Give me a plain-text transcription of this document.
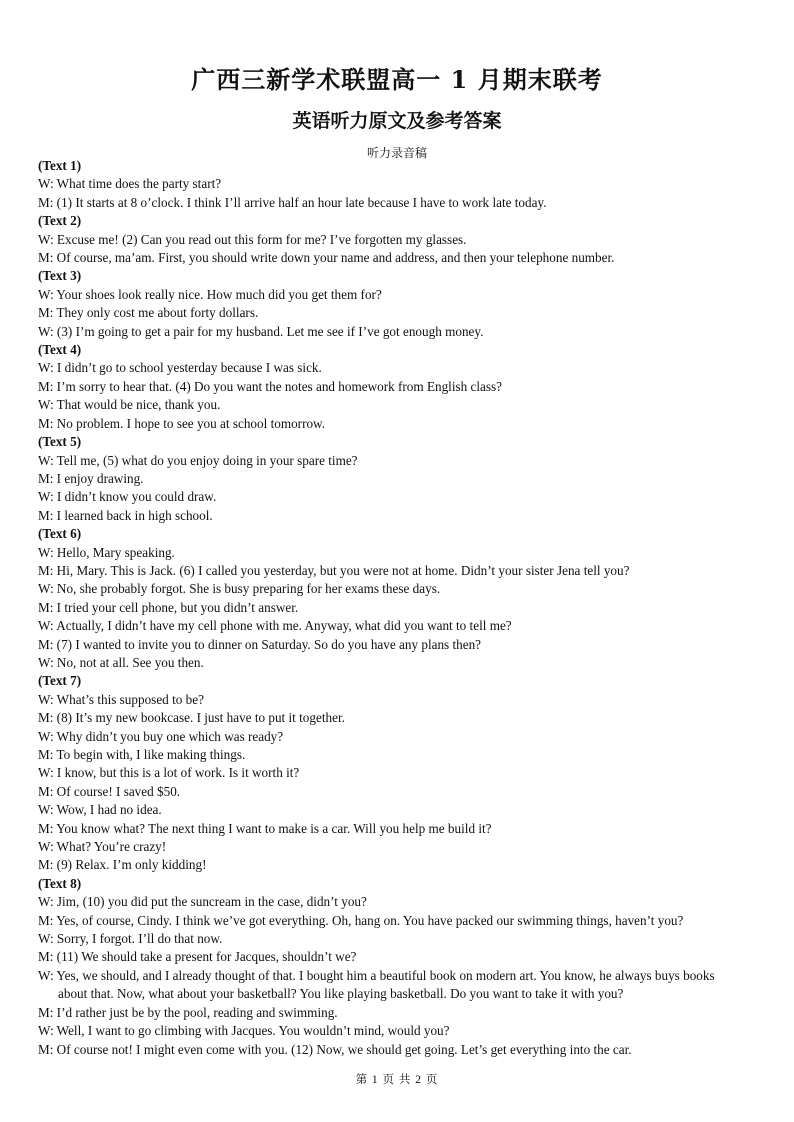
广西三新学术联盟高一 1 月期末联考
英语听力原文及参考答案
听力录音稿
(Text 1)
W: What time does the party start?
M: (1) It starts at 8 o’clock. I think I’ll arrive half an hour late because I have to work late today.
(Text 2)
W: Excuse me! (2) Can you read out this form for me? I’ve forgotten my glasses.
M: Of course, ma’am. First, you should write down your name and address, and then your telephone number.
(Text 3)
W: Your shoes look really nice. How much did you get them for?
M: They only cost me about forty dollars.
W: (3) I’m going to get a pair for my husband. Let me see if I’ve got enough money.
(Text 4)
W: I didn’t go to school yesterday because I was sick.
M: I’m sorry to hear that. (4) Do you want the notes and homework from English class?
W: That would be nice, thank you.
M: No problem. I hope to see you at school tomorrow.
(Text 5)
W: Tell me, (5) what do you enjoy doing in your spare time?
M: I enjoy drawing.
W: I didn’t know you could draw.
M: I learned back in high school.
(Text 6)
W: Hello, Mary speaking.
M: Hi, Mary. This is Jack. (6) I called you yesterday, but you were not at home. Didn’t your sister Jena tell you?
W: No, she probably forgot. She is busy preparing for her exams these days.
M: I tried your cell phone, but you didn’t answer.
W: Actually, I didn’t have my cell phone with me. Anyway, what did you want to tell me?
M: (7) I wanted to invite you to dinner on Saturday. So do you have any plans then?
W: No, not at all. See you then.
(Text 7)
W: What’s this supposed to be?
M: (8) It’s my new bookcase. I just have to put it together.
W: Why didn’t you buy one which was ready?
M: To begin with, I like making things.
W: I know, but this is a lot of work. Is it worth it?
M: Of course! I saved $50.
W: Wow, I had no idea.
M: You know what? The next thing I want to make is a car. Will you help me build it?
W: What? You’re crazy!
M: (9) Relax. I’m only kidding!
(Text 8)
W: Jim, (10) you did put the suncream in the case, didn’t you?
M: Yes, of course, Cindy. I think we’ve got everything. Oh, hang on. You have packed our swimming things, haven’t you?
W: Sorry, I forgot. I’ll do that now.
M: (11) We should take a present for Jacques, shouldn’t we?
W: Yes, we should, and I already thought of that. I bought him a beautiful book on modern art. You know, he always buys books about that. Now, what about your basketball? You like playing basketball. Do you want to take it with you?
M: I’d rather just be by the pool, reading and swimming.
W: Well, I want to go climbing with Jacques. You wouldn’t mind, would you?
M: Of course not! I might even come with you. (12) Now, we should get going. Let’s get everything into the car.
第 1 页 共 2 页
